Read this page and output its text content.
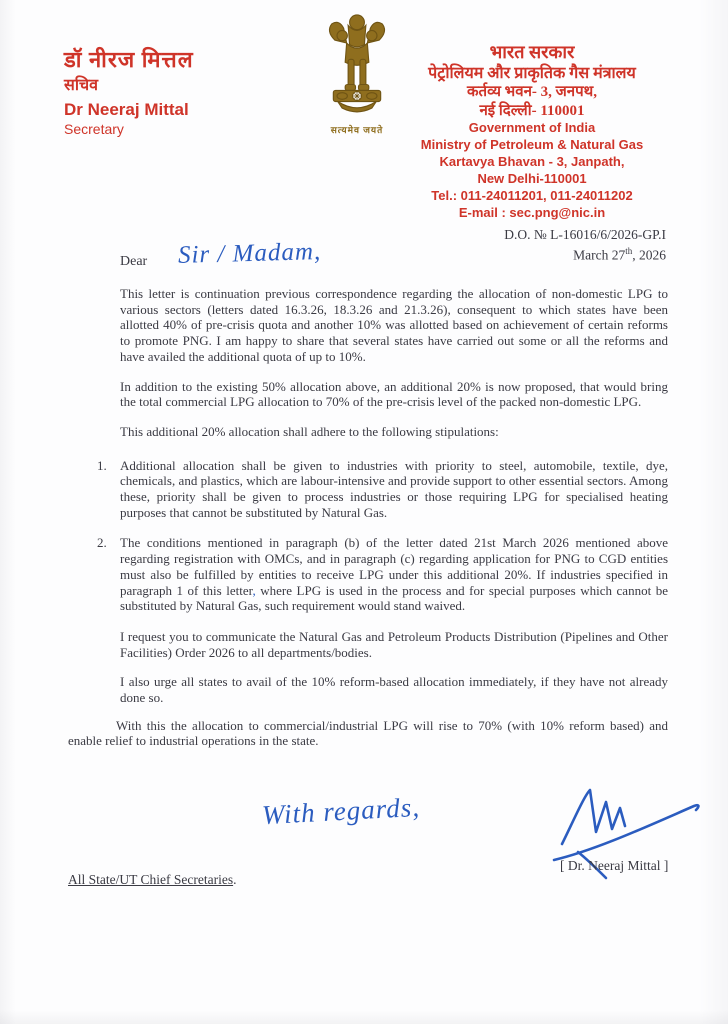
डॉ नीरज मित्तल
सचिव
Dr Neeraj Mittal
Secretary	सत्यमेव जयते
भारत सरकार
पेट्रोलियम और प्राकृतिक गैस मंत्रालय
कर्तव्य भवन- 3, जनपथ,
नई दिल्ली- 110001
Government of India
Ministry of Petroleum & Natural Gas
Kartavya Bhavan - 3, Janpath,
New Delhi-110001
Tel.: 011-24011201, 011-24011202
E-mail : sec.png@nic.in
D.O. № L-16016/6/2026-GP.I
March 27th, 2026
Dear Sir / Madam,

This letter is continuation previous correspondence regarding the allocation of non-domestic LPG to various sectors (letters dated 16.3.26, 18.3.26 and 21.3.26), consequent to which states have been allotted 40% of pre-crisis quota and another 10% was allotted based on achievement of certain reforms to promote PNG. I am happy to share that several states have carried out some or all the reforms and have availed the additional quota of up to 10%.

In addition to the existing 50% allocation above, an additional 20% is now proposed, that would bring the total commercial LPG allocation to 70% of the pre-crisis level of the packed non-domestic LPG.

This additional 20% allocation shall adhere to the following stipulations:

1.	Additional allocation shall be given to industries with priority to steel, automobile, textile, dye, chemicals, and plastics, which are labour-intensive and provide support to other essential sectors. Among these, priority shall be given to process industries or those requiring LPG for specialised heating purposes that cannot be substituted by Natural Gas.
2.	The conditions mentioned in paragraph (b) of the letter dated 21st March 2026 mentioned above regarding registration with OMCs, and in paragraph (c) regarding application for PNG to CGD entities must also be fulfilled by entities to receive LPG under this additional 20%. If industries specified in paragraph 1 of this letter, where LPG is used in the process and for special purposes which cannot be substituted by Natural Gas, such requirement would stand waived.

I request you to communicate the Natural Gas and Petroleum Products Distribution (Pipelines and Other Facilities) Order 2026 to all departments/bodies.

I also urge all states to avail of the 10% reform-based allocation immediately, if they have not already done so.

With this the allocation to commercial/industrial LPG will rise to 70% (with 10% reform based) and enable relief to industrial operations in the state.

With regards,
[ Dr. Neeraj Mittal ]
All State/UT Chief Secretaries.
